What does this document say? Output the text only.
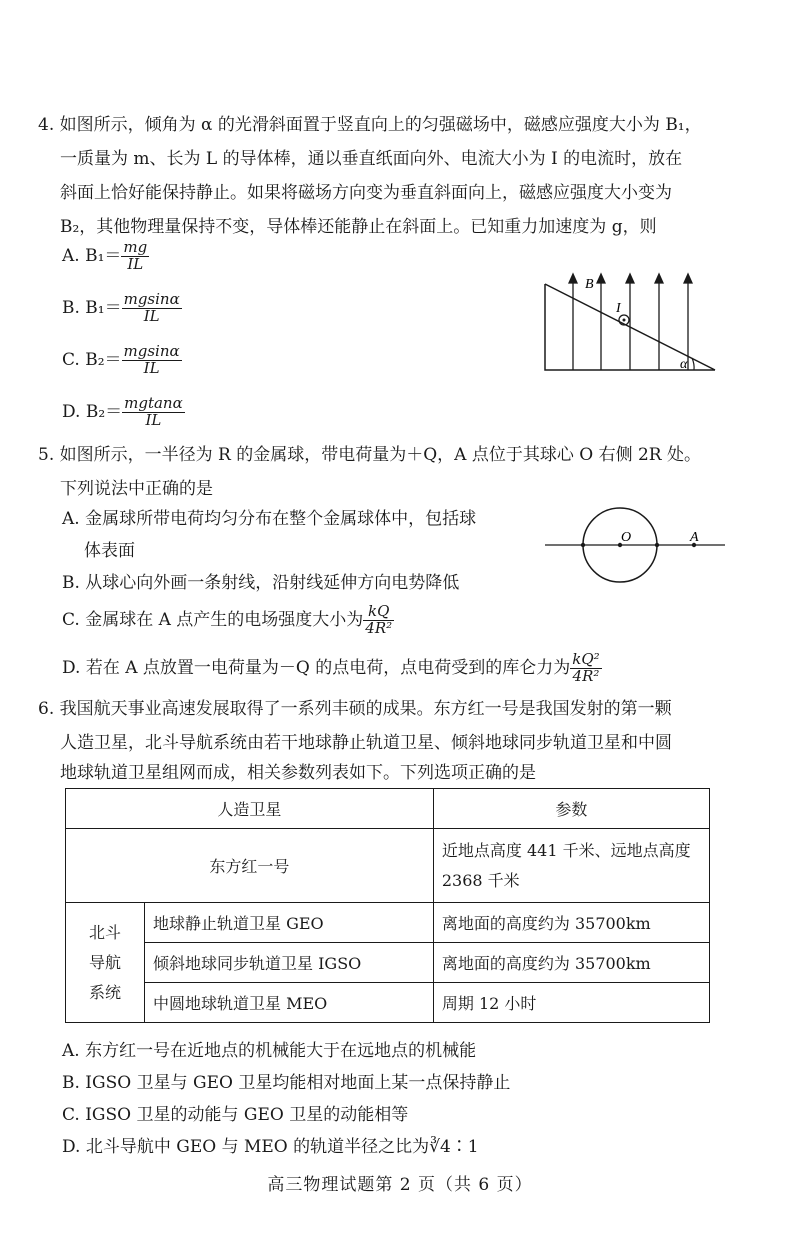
4. 如图所示，倾角为 α 的光滑斜面置于竖直向上的匀强磁场中，磁感应强度大小为 B₁，
一质量为 m、长为 L 的导体棒，通以垂直纸面向外、电流大小为 I 的电流时，放在
斜面上恰好能保持静止。如果将磁场方向变为垂直斜面向上，磁感应强度大小变为
B₂，其他物理量保持不变，导体棒还能静止在斜面上。已知重力加速度为 g，则
A. $B_1= \frac{mg}{IL}$
B. $B_1= \frac{mgsin\alpha}{IL}$
C. $B_2= \frac{mgsin\alpha}{IL}$
D. $B_2= \frac{mgtan\alpha}{IL}$
B
I
α
5. 如图所示，一半径为 R 的金属球，带电荷量为＋Q，A 点位于其球心 O 右侧 2R 处。
下列说法中正确的是
A. 金属球所带电荷均匀分布在整个金属球体中，包括球
体表面
B. 从球心向外画一条射线，沿射线延伸方向电势降低
C. 金属球在 A 点产生的电场强度大小为 $\frac{kQ}{\text{4R²}}$
D. 若在 A 点放置一电荷量为－Q 的点电荷，点电荷受到的库仑力为 $\frac{\text{kQ²}}{\text{4R²}}$
O	A
6. 我国航天事业高速发展取得了一系列丰硕的成果。东方红一号是我国发射的第一颗
人造卫星，北斗导航系统由若干地球静止轨道卫星、倾斜地球同步轨道卫星和中圆
地球轨道卫星组网而成，相关参数列表如下。下列选项正确的是
人造卫星		参数
东方红一号		近地点高度 441 千米、远地点高度
2368 千米

北斗
导航
系统	地球静止轨道卫星 GEO	离地面的高度约为 35700km
	倾斜地球同步轨道卫星 IGSO	离地面的高度约为 35700km
	中圆地球轨道卫星 MEO	周期 12 小时
A. 东方红一号在近地点的机械能大于在远地点的机械能
B. IGSO 卫星与 GEO 卫星均能相对地面上某一点保持静止
C. IGSO 卫星的动能与 GEO 卫星的动能相等
D. 北斗导航中 GEO 与 MEO 的轨道半径之比为∛4∶1
高三物理试题第 2 页（共 6 页）
